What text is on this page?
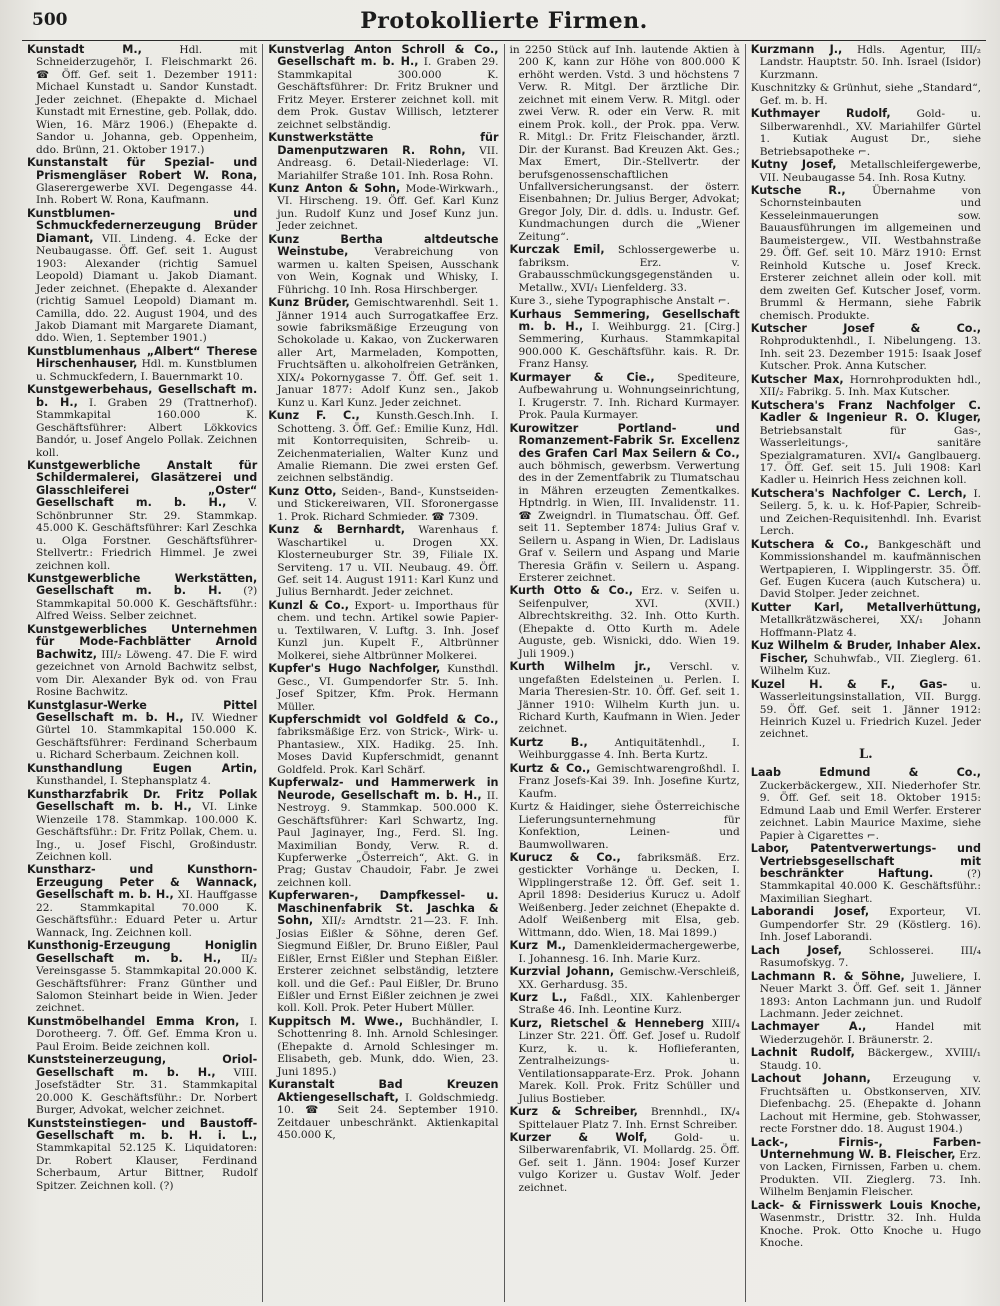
500	Protokollierte Firmen.
Kunstadt M.,	Hdl. mit Schneiderzugehör, I. Fleischmarkt 26. ☎ Öff. Gef. seit 1. Dezember 1911: Michael Kunstadt u. Sandor Kunstadt. Jeder zeichnet. (Ehepakte d. Michael Kunstadt mit Ernestine, geb. Pollak, ddo. Wien, 16. März 1906.) (Ehepakte d. Sandor u. Johanna, geb. Oppenheim, ddo. Brünn, 21. Oktober 1917.)
Kunstanstalt für Spezial- und Prismengläser Robert W. Rona, Glaserergewerbe XVI. Degengasse 44. Inh. Robert W. Rona, Kaufmann.
Kunstblumen- und Schmuckfedernerzeugung Brüder Diamant, VII. Lindeng. 4. Ecke der Neubaugasse. Öff. Gef. seit 1. August 1903: Alexander (richtig Samuel Leopold) Diamant u. Jakob Diamant. Jeder zeichnet. (Ehepakte d. Alexander (richtig Samuel Leopold) Diamant m. Camilla, ddo. 22. August 1904, und des Jakob Diamant mit Margarete Diamant, ddo. Wien, 1. September 1901.)
Kunstblumenhaus „Albert“ Therese Hirschenhauser, Hdl. m. Kunstblumen u. Schmuckfedern, I. Bauernmarkt 10.
Kunstgewerbehaus, Gesellschaft m. b. H., I. Graben 29 (Trattnerhof). Stammkapital 160.000 K. Geschäftsführer: Albert Lökkovics Bandór, u. Josef Angelo Pollak. Zeichnen koll.
Kunstgewerbliche Anstalt für Schildermalerei, Glasätzerei und Glasschleiferei „Oster“ Gesellschaft m. b. H., V. Schönbrunner Str. 29. Stammkap. 45.000 K. Geschäftsführer: Karl Zeschka u. Olga Forstner. Geschäftsführer-Stellvertr.: Friedrich Himmel. Je zwei zeichnen koll.
Kunstgewerbliche Werkstätten, Gesellschaft m. b. H. (?) Stammkapital 50.000 K. Geschäftsführ.: Alfred Weiss. Selber zeichnet.
Kunstgewerbliches Unternehmen für Mode-Fachblätter Arnold Bachwitz, III/₂ Löweng. 47. Die F. wird gezeichnet von Arnold Bachwitz selbst, vom Dir. Alexander Byk od. von Frau Rosine Bachwitz.
Kunstglasur-Werke Pittel Gesellschaft m. b. H., IV. Wiedner Gürtel 10. Stammkapital 150.000 K. Geschäftsführer: Ferdinand Scherbaum u. Richard Scherbaum. Zeichnen koll.
Kunsthandlung Eugen Artin, Kunsthandel, I. Stephansplatz 4.
Kunstharzfabrik Dr. Fritz Pollak Gesellschaft m. b. H., VI. Linke Wienzeile 178. Stammkap. 100.000 K. Geschäftsführ.: Dr. Fritz Pollak, Chem. u. Ing., u. Josef Fischl, Großindustr. Zeichnen koll.
Kunstharz- und Kunsthorn-Erzeugung Peter & Wannack, Gesellschaft m. b. H., XI. Hauffgasse 22. Stammkapital 70.000 K. Geschäftsführ.: Eduard Peter u. Artur Wannack, Ing. Zeichnen koll.
Kunsthonig-Erzeugung Honiglin Gesellschaft m. b. H., II/₂ Vereinsgasse 5. Stammkapital 20.000 K. Geschäftsführer: Franz Günther und Salomon Steinhart beide in Wien. Jeder zeichnet.
Kunstmöbelhandel Emma Kron, I. Dorotheerg. 7. Öff. Gef. Emma Kron u. Paul Eroim. Beide zeichnen koll.
Kunststeinerzeugung, Oriol-Gesellschaft m. b. H., VIII. Josefstädter Str. 31. Stammkapital 20.000 K. Geschäftsführ.: Dr. Norbert Burger, Advokat, welcher zeichnet.
Kunststeinstiegen- und Baustoff-Gesellschaft m. b. H. i. L., Stammkapital 52.125 K. Liquidatoren: Dr. Robert Klauser, Ferdinand Scherbaum, Artur Bittner, Rudolf Spitzer. Zeichnen koll. (?)
Kunstverlag Anton Schroll & Co., Gesellschaft m. b. H., I. Graben 29. Stammkapital 300.000 K. Geschäftsführer: Dr. Fritz Brukner und Fritz Meyer. Ersterer zeichnet koll. mit dem Prok. Gustav Willisch, letzterer zeichnet selbständig.
Kunstwerkstätte für Damenputzwaren R. Rohn, VII. Andreasg. 6. Detail-Niederlage: VI. Mariahilfer Straße 101. Inh. Rosa Rohn.
Kunz Anton & Sohn, Mode-Wirkwarh., VI. Hirscheng. 19. Öff. Gef. Karl Kunz jun. Rudolf Kunz und Josef Kunz jun. Jeder zeichnet.
Kunz Bertha altdeutsche Weinstube, Verabreichung von warmen u. kalten Speisen, Ausschank von Wein, Kognak und Whisky, I. Führichg. 10 Inh. Rosa Hirschberger.
Kunz Brüder, Gemischtwarenhdl. Seit 1. Jänner 1914 auch Surrogatkaffee Erz. sowie fabriksmäßige Erzeugung von Schokolade u. Kakao, von Zuckerwaren aller Art, Marmeladen, Kompotten, Fruchtsäften u. alkoholfreien Getränken, XIX/₄ Pokornygasse 7. Öff. Gef. seit 1. Januar 1877: Adolf Kunz sen., Jakob Kunz u. Karl Kunz. Jeder zeichnet.
Kunz F. C., Kunsth.Gesch.Inh. I. Schotteng. 3. Öff. Gef.: Emilie Kunz, Hdl. mit Kontorrequisiten, Schreib- u. Zeichenmaterialien, Walter Kunz und Amalie Riemann. Die zwei ersten Gef. zeichnen selbständig.
Kunz Otto, Seiden-, Band-, Kunstseiden- und Stickereiwaren, VII. Sforonergasse 1. Prok. Richard Schmieder. ☎ 7309.
Kunz & Bernhardt, Warenhaus f. Waschartikel u. Drogen XX. Klosterneuburger Str. 39, Filiale IX. Serviteng. 17 u. VII. Neubaug. 49. Öff. Gef. seit 14. August 1911: Karl Kunz und Julius Bernhardt. Jeder zeichnet.
Kunzl & Co., Export- u. Importhaus für chem. und techn. Artikel sowie Papier- u. Textilwaren, V. Luftg. 3. Inh. Josef Kunzl jun. Kupelt F., Altbrünner Molkerei, siehe Altbrünner Molkerei.
Kupfer's Hugo Nachfolger, Kunsthdl. Gesc., VI. Gumpendorfer Str. 5. Inh. Josef Spitzer, Kfm. Prok. Hermann Müller.
Kupferschmidt vol Goldfeld & Co., fabriksmäßige Erz. von Strick-, Wirk- u. Phantasiew., XIX. Hadikg. 25. Inh. Moses David Kupferschmidt, genannt Goldfeld. Prok. Karl Schärf.
Kupferwalz- und Hammerwerk in Neurode, Gesellschaft m. b. H., II. Nestroyg. 9. Stammkap. 500.000 K. Geschäftsführer: Karl Schwartz, Ing. Paul Jaginayer, Ing., Ferd. Sl. Ing. Maximilian Bondy, Verw. R. d. Kupferwerke „Österreich“, Akt. G. in Prag; Gustav Chaudoir, Fabr. Je zwei zeichnen koll.
Kupferwaren-, Dampfkessel- u. Maschinenfabrik St. Jaschka & Sohn, XII/₂ Arndtstr. 21—23. F. Inh. Josias Eißler & Söhne, deren Gef. Siegmund Eißler, Dr. Bruno Eißler, Paul Eißler, Ernst Eißler und Stephan Eißler. Ersterer zeichnet selbständig, letztere koll. und die Gef.: Paul Eißler, Dr. Bruno Eißler und Ernst Eißler zeichnen je zwei koll. Koll. Prok. Peter Hubert Müller.
Kuppitsch M. Wwe., Buchhändler, I. Schottenring 8. Inh. Arnold Schlesinger. (Ehepakte d. Arnold Schlesinger m. Elisabeth, geb. Munk, ddo. Wien, 23. Juni 1895.)
Kuranstalt Bad Kreuzen Aktiengesellschaft, I. Goldschmiedg. 10. ☎ Seit 24. September 1910. Zeitdauer unbeschränkt. Aktienkapital 450.000 K,
in 2250 Stück auf Inh. lautende Aktien à 200 K, kann zur Höhe von 800.000 K erhöht werden. Vstd. 3 und höchstens 7 Verw. R. Mitgl. Der ärztliche Dir. zeichnet mit einem Verw. R. Mitgl. oder zwei Verw. R. oder ein Verw. R. mit einem Prok. koll., der Prok. ppa. Verw. R. Mitgl.: Dr. Fritz Fleischander, ärztl. Dir. der Kuranst. Bad Kreuzen Akt. Ges.; Max Emert, Dir.-Stellvertr. der berufsgenossenschaftlichen Unfallversicherungsanst. der österr. Eisenbahnen; Dr. Julius Berger, Advokat; Gregor Joly, Dir. d. ddls. u. Industr. Gef. Kundmachungen durch die „Wiener Zeitung“.
Kurczak Emil, Schlossergewerbe u. fabriksm. Erz. v. Grabausschmückungsgegenständen u. Metallw., XVI/₁ Lienfelderg. 33.
Kure 3., siehe Typographische Anstalt ⌐.
Kurhaus Semmering, Gesellschaft m. b. H., I. Weihburgg. 21. [Cirg.] Semmering, Kurhaus. Stammkapital 900.000 K. Geschäftsführ. kais. R. Dr. Franz Hansy.
Kurmayer & Cie., Spediteure, Aufbewahrung u. Wohnungseinrichtung, I. Krugerstr. 7. Inh. Richard Kurmayer. Prok. Paula Kurmayer.
Kurowitzer Portland- und Romanzement-Fabrik Sr. Excellenz des Grafen Carl Max Seilern & Co., auch böhmisch, gewerbsm. Verwertung des in der Zementfabrik zu Tlumatschau in Mähren erzeugten Zementkalkes. Hptndrlg. in Wien, III. Invalidenstr. 11. ☎ Zweigndrl. in Tlumatschau. Öff. Gef. seit 11. September 1874: Julius Graf v. Seilern u. Aspang in Wien, Dr. Ladislaus Graf v. Seilern und Aspang und Marie Theresia Gräfin v. Seilern u. Aspang. Ersterer zeichnet.
Kurth Otto & Co., Erz. v. Seifen u. Seifenpulver, XVI. (XVII.) Albrechtskreithg. 32. Inh. Otto Kurth. (Ehepakte d. Otto Kurth m. Adele Auguste, geb. Wisnicki, ddo. Wien 19. Juli 1909.)
Kurth Wilhelm jr., Verschl. v. ungefaßten Edelsteinen u. Perlen. I. Maria Theresien-Str. 10. Öff. Gef. seit 1. Jänner 1910: Wilhelm Kurth jun. u. Richard Kurth, Kaufmann in Wien. Jeder zeichnet.
Kurtz B.,	Antiquitätenhdl., I. Weihburggasse 4. Inh. Berta Kurtz.
Kurtz & Co., Gemischtwarengroßhdl. I. Franz Josefs-Kai 39. Inh. Josefine Kurtz, Kaufm.
Kurtz & Haidinger, siehe Österreichische Lieferungsunternehmung für Konfektion, Leinen- und Baumwollwaren.
Kurucz & Co., fabriksmäß. Erz. gestickter Vorhänge u. Decken, I. Wipplingerstraße 12. Öff. Gef. seit 1. April 1898: Desiderius Kurucz u. Adolf Weißenberg. Jeder zeichnet (Ehepakte d. Adolf Weißenberg mit Elsa, geb. Wittmann, ddo. Wien, 18. Mai 1899.)
Kurz M., Damenkleidermachergewerbe, I. Johannesg. 16. Inh. Marie Kurz.
Kurzvial Johann, Gemischw.-Verschleiß, XX. Gerhardusg. 35.
Kurz L., Faßdl., XIX. Kahlenberger Straße 46. Inh. Leontine Kurz.
Kurz, Rietschel & Henneberg XIII/₄ Linzer Str. 221. Öff. Gef. Josef u. Rudolf Kurz, k. u. k. Hoflieferanten, Zentralheizungs- u. Ventilationsapparate-Erz. Prok. Johann Marek. Koll. Prok. Fritz Schüller und Julius Bostieber.
Kurz & Schreiber, Brennhdl., IX/₄ Spittelauer Platz 7. Inh. Ernst Schreiber.
Kurzer & Wolf,	Gold- u. Silberwarenfabrik, VI. Mollardg. 25. Öff. Gef. seit 1. Jänn. 1904: Josef Kurzer vulgo Korizer u. Gustav Wolf. Jeder zeichnet.
Kurzmann J., Hdls. Agentur, III/₂ Landstr. Hauptstr. 50. Inh. Israel (Isidor) Kurzmann.
Kuschnitzky & Grünhut, siehe „Standard“, Gef. m. b. H.
Kuthmayer Rudolf, Gold- u. Silberwarenhdl., XV. Mariahilfer Gürtel 1. Kutiak August Dr., siehe Betriebsapotheke ⌐.
Kutny Josef, Metallschleifergewerbe, VII. Neubaugasse 54. Inh. Rosa Kutny.
Kutsche R., Übernahme von Schornsteinbauten und Kesseleinmauerungen sow. Bauausführungen im allgemeinen und Baumeistergew., VII. Westbahnstraße 29. Öff. Gef. seit 10. März 1910: Ernst Reinhold Kutsche u. Josef Kreck. Ersterer zeichnet allein oder koll. mit dem zweiten Gef. Kutscher Josef, vorm. Brumml & Hermann, siehe Fabrik chemisch. Produkte.
Kutscher Josef & Co., Rohproduktenhdl., I. Nibelungeng. 13. Inh. seit 23. Dezember 1915: Isaak Josef Kutscher. Prok. Anna Kutscher.
Kutscher Max, Hornrohprodukten hdl., XII/₂ Fabrikg. 5. Inh. Max Kutscher.
Kutschera's Franz Nachfolger C. Kadler & Ingenieur R. O. Kluger, Betriebsanstalt für Gas-, Wasserleitungs-, sanitäre Spezialgramaturen. XVI/₄ Ganglbauerg. 17. Öff. Gef. seit 15. Juli 1908: Karl Kadler u. Heinrich Hess zeichnen koll.
Kutschera's Nachfolger C. Lerch, I. Seilerg. 5, k. u. k. Hof-Papier, Schreib- und Zeichen-Requisitenhdl. Inh. Evarist Lerch.
Kutschera & Co., Bankgeschäft und Kommissionshandel m. kaufmännischen Wertpapieren, I. Wipplingerstr. 35. Öff. Gef. Eugen Kucera (auch Kutschera) u. David Stolper. Jeder zeichnet.
Kutter Karl, Metallverhüttung, Metallkrätzwäscherei, XX/₁ Johann Hoffmann-Platz 4.
Kuz Wilhelm & Bruder, Inhaber Alex. Fischer, Schuhwfab., VII. Zieglerg. 61. Wilhelm Kuz.
Kuzel H. & F., Gas- u. Wasserleitungsinstallation, VII. Burgg. 59. Öff. Gef. seit 1. Jänner 1912: Heinrich Kuzel u. Friedrich Kuzel. Jeder zeichnet.
L.
Laab Edmund & Co., Zuckerbäckergew., XII. Niederhofer Str. 9. Öff. Gef. seit 18. Oktober 1915: Edmund Laab und Emil Werfer. Ersterer zeichnet. Labin Maurice Maxime, siehe Papier à Cigarettes ⌐.
Labor, Patentverwertungs- und Vertriebsgesellschaft mit beschränkter Haftung.	(?) Stammkapital 40.000 K. Geschäftsführ.: Maximilian Sieghart.
Laborandi Josef, Exporteur, VI. Gumpendorfer Str. 29 (Köstlerg. 16). Inh. Josef Laborandi.
Lach Josef,	Schlosserei. III/₄ Rasumofskyg. 7.
Lachmann R. & Söhne, Juweliere, I. Neuer Markt 3. Öff. Gef. seit 1. Jänner 1893: Anton Lachmann jun. und Rudolf Lachmann. Jeder zeichnet.
Lachmayer A.,	Handel mit Wiederzugehör. I. Bräunerstr. 2.
Lachnit Rudolf, Bäckergew., XVIII/₁ Staudg. 10.
Lachout Johann, Erzeugung v. Fruchtsäften u. Obstkonserven, XIV. Diefenbachg. 25. (Ehepakte d. Johann Lachout mit Hermine, geb. Stohwasser, recte Forstner ddo. 18. August 1904.)
Lack-, Firnis-, Farben-Unternehmung W. B. Fleischer, Erz. von Lacken, Firnissen, Farben u. chem. Produkten. VII. Zieglerg. 73. Inh. Wilhelm Benjamin Fleischer.
Lack- & Firnisswerk Louis Knoche, Wasenmstr., Dristtr. 32. Inh. Hulda Knoche. Prok. Otto Knoche u. Hugo Knoche.
